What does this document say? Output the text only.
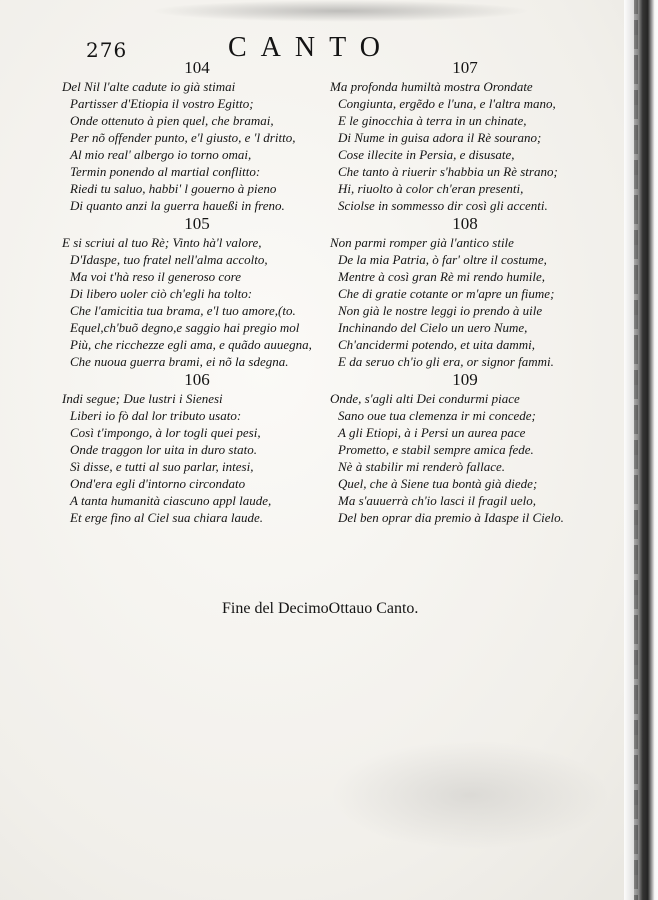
276	CANTO
104
Del Nil l'alte cadute io già stimai
Partisser d'Etiopia il vostro Egitto;
Onde ottenuto à pien quel, che bramai,
Per nõ offender punto, e'l giusto, e 'l dritto,
Al mio real' albergo io torno omai,
Termin ponendo al martial conflitto:
Riedi tu saluo, habbi' l gouerno à pieno
Di quanto anzi la guerra haueßi in freno.
105
E si scriui al tuo Rè; Vinto hà'l valore,
D'Idaspe, tuo fratel nell'alma accolto,
Ma voi t'hà reso il generoso core
Di libero uoler ciò ch'egli ha tolto:
Che l'amicitia tua brama, e'l tuo amore,(to.
Equel,ch'buõ degno,e saggio hai pregio mol
Più, che ricchezze egli ama, e quãdo auuegna,
Che nuoua guerra brami, ei nõ la sdegna.
106
Indi segue; Due lustri i Sienesi
Liberi io fò dal lor tributo usato:
Così t'impongo, à lor togli quei pesi,
Onde traggon lor uita in duro stato.
Sì disse, e tutti al suo parlar, intesi,
Ond'era egli d'intorno circondato
A tanta humanità ciascuno appl laude,
Et erge fino al Ciel sua chiara laude.
107
Ma profonda humiltà mostra Orondate
Congiunta, ergẽdo e l'una, e l'altra mano,
E le ginocchia à terra in un chinate,
Di Nume in guisa adora il Rè sourano;
Cose illecite in Persia, e disusate,
Che tanto à riuerir s'habbia un Rè strano;
Hi, riuolto à color ch'eran presenti,
Sciolse in sommesso dir così gli accenti.
108
Non parmi romper già l'antico stile
De la mia Patria, ò far' oltre il costume,
Mentre à così gran Rè mi rendo humile,
Che di gratie cotante or m'apre un fiume;
Non già le nostre leggi io prendo à uile
Inchinando del Cielo un uero Nume,
Ch'ancidermi potendo, et uita dammi,
E da seruo ch'io gli era, or signor fammi.
109
Onde, s'agli alti Dei condurmi piace
Sano oue tua clemenza ir mi concede;
A gli Etiopi, à i Persi un aurea pace
Prometto, e stabil sempre amica fede.
Nè à stabilir mi renderò fallace.
Quel, che à Siene tua bontà già diede;
Ma s'auuerrà ch'io lasci il fragil uelo,
Del ben oprar dia premio à Idaspe il Cielo.
Fine del DecimoOttauo Canto.
